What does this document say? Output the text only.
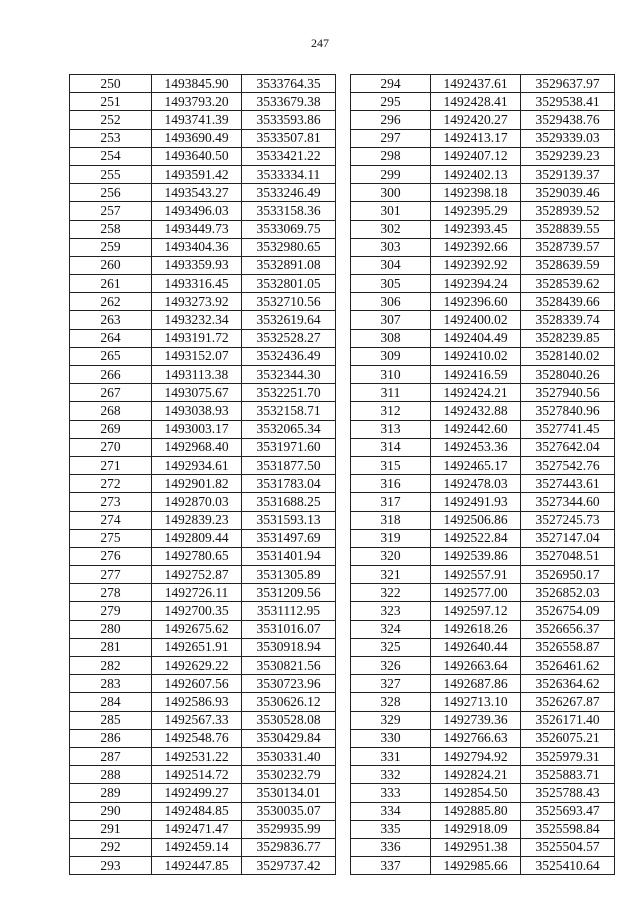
247
250	1493845.90	3533764.35
251	1493793.20	3533679.38
252	1493741.39	3533593.86
253	1493690.49	3533507.81
254	1493640.50	3533421.22
255	1493591.42	3533334.11
256	1493543.27	3533246.49
257	1493496.03	3533158.36
258	1493449.73	3533069.75
259	1493404.36	3532980.65
260	1493359.93	3532891.08
261	1493316.45	3532801.05
262	1493273.92	3532710.56
263	1493232.34	3532619.64
264	1493191.72	3532528.27
265	1493152.07	3532436.49
266	1493113.38	3532344.30
267	1493075.67	3532251.70
268	1493038.93	3532158.71
269	1493003.17	3532065.34
270	1492968.40	3531971.60
271	1492934.61	3531877.50
272	1492901.82	3531783.04
273	1492870.03	3531688.25
274	1492839.23	3531593.13
275	1492809.44	3531497.69
276	1492780.65	3531401.94
277	1492752.87	3531305.89
278	1492726.11	3531209.56
279	1492700.35	3531112.95
280	1492675.62	3531016.07
281	1492651.91	3530918.94
282	1492629.22	3530821.56
283	1492607.56	3530723.96
284	1492586.93	3530626.12
285	1492567.33	3530528.08
286	1492548.76	3530429.84
287	1492531.22	3530331.40
288	1492514.72	3530232.79
289	1492499.27	3530134.01
290	1492484.85	3530035.07
291	1492471.47	3529935.99
292	1492459.14	3529836.77
293	1492447.85	3529737.42
294	1492437.61	3529637.97
295	1492428.41	3529538.41
296	1492420.27	3529438.76
297	1492413.17	3529339.03
298	1492407.12	3529239.23
299	1492402.13	3529139.37
300	1492398.18	3529039.46
301	1492395.29	3528939.52
302	1492393.45	3528839.55
303	1492392.66	3528739.57
304	1492392.92	3528639.59
305	1492394.24	3528539.62
306	1492396.60	3528439.66
307	1492400.02	3528339.74
308	1492404.49	3528239.85
309	1492410.02	3528140.02
310	1492416.59	3528040.26
311	1492424.21	3527940.56
312	1492432.88	3527840.96
313	1492442.60	3527741.45
314	1492453.36	3527642.04
315	1492465.17	3527542.76
316	1492478.03	3527443.61
317	1492491.93	3527344.60
318	1492506.86	3527245.73
319	1492522.84	3527147.04
320	1492539.86	3527048.51
321	1492557.91	3526950.17
322	1492577.00	3526852.03
323	1492597.12	3526754.09
324	1492618.26	3526656.37
325	1492640.44	3526558.87
326	1492663.64	3526461.62
327	1492687.86	3526364.62
328	1492713.10	3526267.87
329	1492739.36	3526171.40
330	1492766.63	3526075.21
331	1492794.92	3525979.31
332	1492824.21	3525883.71
333	1492854.50	3525788.43
334	1492885.80	3525693.47
335	1492918.09	3525598.84
336	1492951.38	3525504.57
337	1492985.66	3525410.64
